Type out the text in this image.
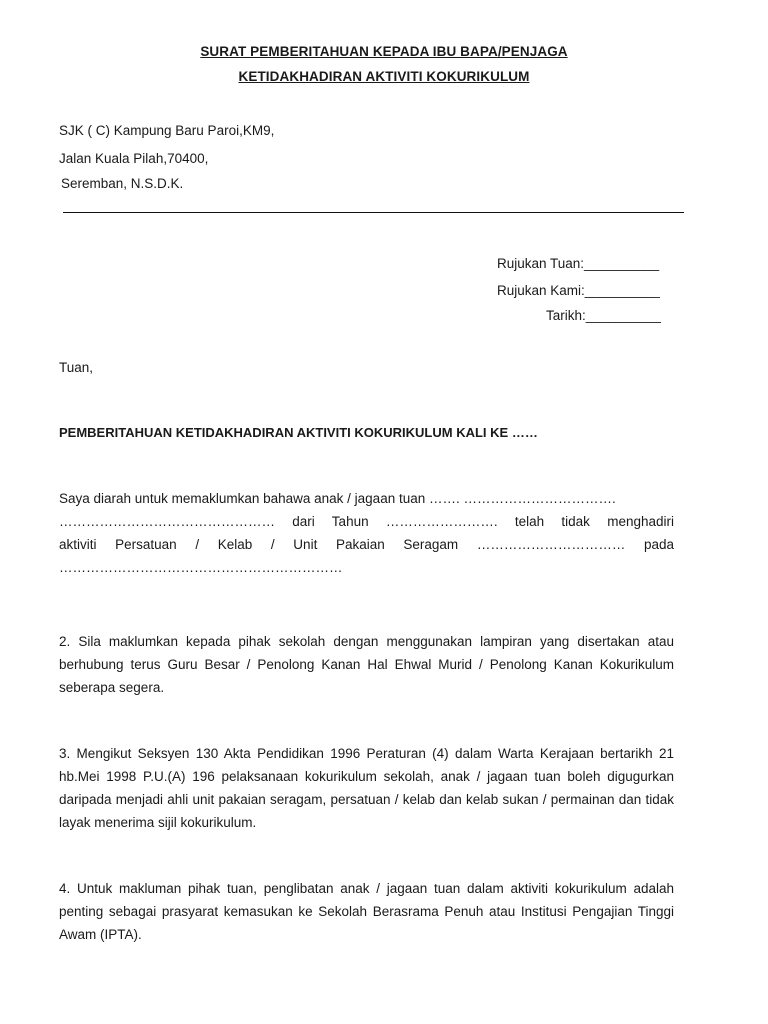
SURAT PEMBERITAHUAN KEPADA IBU BAPA/PENJAGA
KETIDAKHADIRAN AKTIVITI KOKURIKULUM
SJK ( C) Kampung Baru Paroi,KM9,
Jalan Kuala Pilah,70400,
Seremban, N.S.D.K.
Rujukan Tuan:__________
Rujukan Kami:__________
Tarikh:__________
Tuan,
PEMBERITAHUAN KETIDAKHADIRAN AKTIVITI KOKURIKULUM KALI KE ……
Saya diarah untuk memaklumkan bahawa anak / jagaan tuan ……. …………………………….
………………………………………… dari Tahun ……………………. telah tidak menghadiri
aktiviti Persatuan / Kelab / Unit Pakaian Seragam …………………………… pada
………………………………………………………
2. Sila maklumkan kepada pihak sekolah dengan menggunakan lampiran yang disertakan atau berhubung terus Guru Besar / Penolong Kanan Hal Ehwal Murid / Penolong Kanan Kokurikulum seberapa segera.
3. Mengikut Seksyen 130 Akta Pendidikan 1996 Peraturan (4) dalam Warta Kerajaan bertarikh 21 hb.Mei 1998 P.U.(A) 196 pelaksanaan kokurikulum sekolah, anak / jagaan tuan boleh digugurkan daripada menjadi ahli unit pakaian seragam, persatuan / kelab dan kelab sukan / permainan dan tidak layak menerima sijil kokurikulum.
4. Untuk makluman pihak tuan, penglibatan anak / jagaan tuan dalam aktiviti kokurikulum adalah penting sebagai prasyarat kemasukan ke Sekolah Berasrama Penuh atau Institusi Pengajian Tinggi Awam (IPTA).
